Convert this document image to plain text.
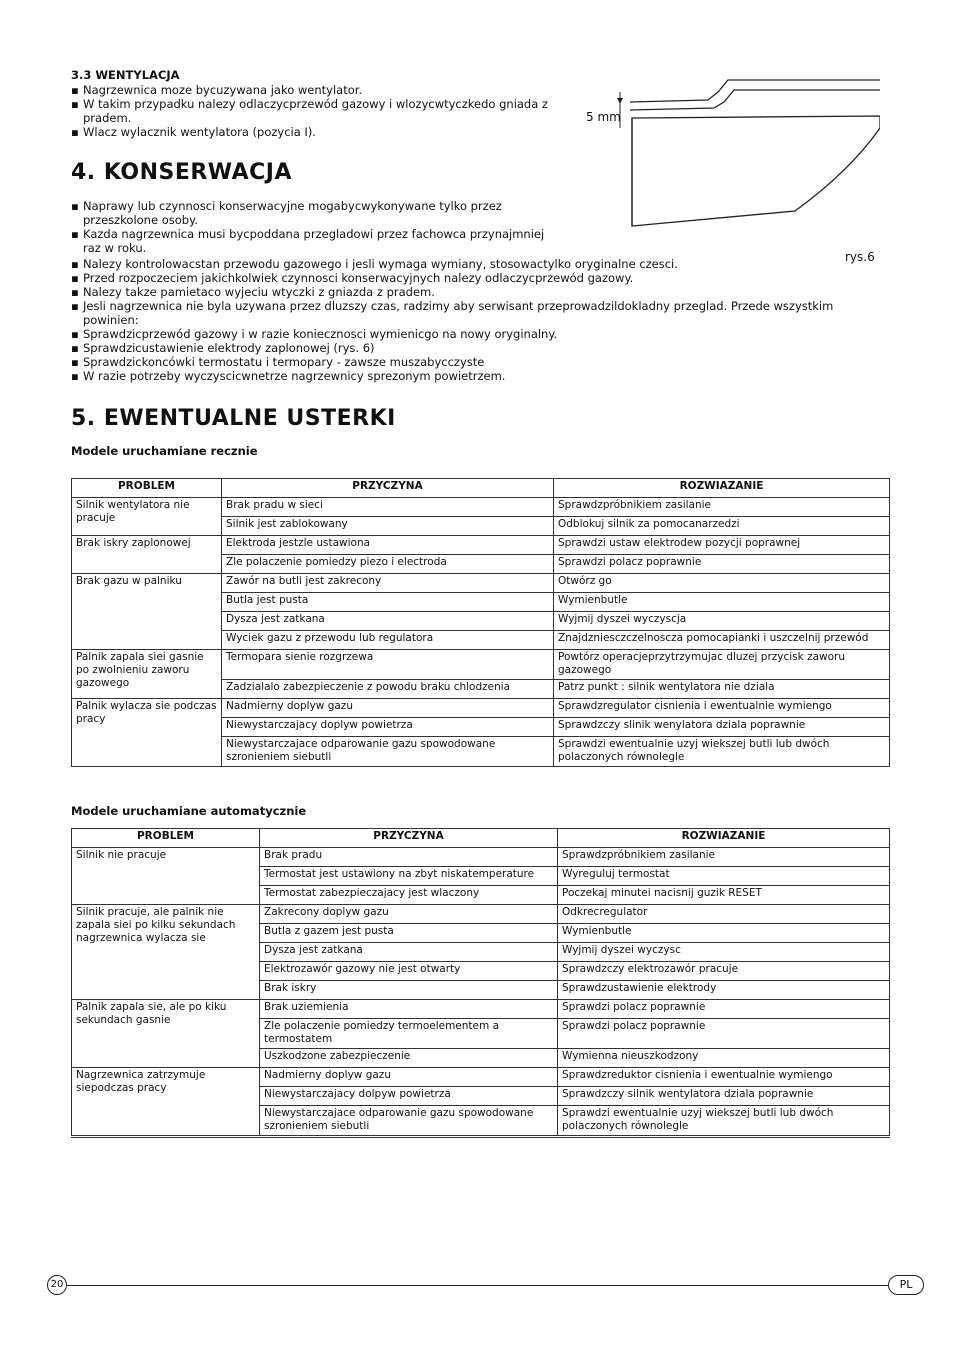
3.3 WENTYLACJA
▪ Nagrzewnica moze bycuzywana jako wentylator.
▪ W takim przypadku nalezy odlaczycprzewód gazowy i wlozycwtyczkedo gniada z pradem.
▪ Wlacz wylacznik wentylatora (pozycia I).
5 mm
rys.6
4. KONSERWACJA
▪ Naprawy lub czynnosci konserwacyjne mogabycwykonywane tylko przez przeszkolone osoby.
▪ Kazda nagrzewnica musi bycpoddana przegladowi przez fachowca przynajmniej raz w roku.
▪ Nalezy kontrolowacstan przewodu gazowego i jesli wymaga wymiany, stosowactylko oryginalne czesci.
▪ Przed rozpoczeciem jakichkolwiek czynnosci konserwacyjnych nalezy odlaczycprzewód gazowy.
▪ Nalezy takze pamietaco wyjeciu wtyczki z gniazda z pradem.
▪ Jesli nagrzewnica nie byla uzywana przez dluzszy czas, radzimy aby serwisant przeprowadzildokladny przeglad. Przede wszystkim powinien:
▪ Sprawdzicprzewód gazowy i w razie koniecznosci wymienicgo na nowy oryginalny.
▪ Sprawdzicustawienie elektrody zaplonowej (rys. 6)
▪ Sprawdzickoncówki termostatu i termopary - zawsze muszabycczyste
▪ W razie potrzeby wyczyscicwnetrze nagrzewnicy sprezonym powietrzem.
5. EWENTUALNE USTERKI
Modele uruchamiane recznie
PROBLEM	PRZYCZYNA	ROZWIAZANIE
Silnik wentylatora nie pracuje	Brak pradu w sieci	Sprawdzpróbnikiem zasilanie
	Silnik jest zablokowany	Odblokuj silnik za pomocanarzedzi
Brak iskry zaplonowej	Elektroda jestzle ustawiona	Sprawdzi ustaw elektrodew pozycji poprawnej
	Zle polaczenie pomiedzy piezo i electroda	Sprawdzi polacz poprawnie
Brak gazu w palniku	Zawór na butli jest zakrecony	Otwórz go
	Butla jest pusta	Wymienbutle
	Dysza jest zatkana	Wyjmij dyszei wyczyscja
	Wyciek gazu z przewodu lub regulatora	Znajdzniesczczelnoscza pomocapianki i uszczelnij przewód
Palnik zapala siei gasnie po zwolnieniu zaworu gazowego	Termopara sienie rozgrzewa	Powtórz operacjeprzytrzymujac dluzej przycisk zaworu gazowego
	Zadzialalo zabezpieczenie z powodu braku chlodzenia	Patrz punkt : silnik wentylatora nie dziala
Palnik wylacza sie podczas pracy	Nadmierny doplyw gazu	Sprawdzregulator cisnienia i ewentualnie wymiengo
	Niewystarczajacy doplyw powietrza	Sprawdzczy slinik wenylatora dziala poprawnie
	Niewystarczajace odparowanie gazu spowodowane szronieniem siebutli	Sprawdzi ewentualnie uzyj wiekszej butli lub dwóch polaczonych równolegle
Modele uruchamiane automatycznie
PROBLEM	PRZYCZYNA	ROZWIAZANIE
Silnik nie pracuje	Brak pradu	Sprawdzpróbnikiem zasilanie
	Termostat jest ustawiony na zbyt niskatemperature	Wyreguluj termostat
	Termostat zabezpieczajacy jest wlaczony	Poczekaj minutei nacisnij guzik RESET
Silnik pracuje, ale palnik nie zapala siei po kilku sekundach nagrzewnica wylacza sie	Zakrecony doplyw gazu	Odkrecregulator
	Butla z gazem jest pusta	Wymienbutle
	Dysza jest zatkana	Wyjmij dyszei wyczysc
	Elektrozawór gazowy nie jest otwarty	Sprawdzczy elektrozawór pracuje
	Brak iskry	Sprawdzustawienie elektrody
Palnik zapala sie, ale po kiku sekundach gasnie	Brak uziemienia	Sprawdzi polacz poprawnie
	Zle polaczenie pomiedzy termoelementem a termostatem	Sprawdzi polacz poprawnie
	Uszkodzone zabezpieczenie	Wymienna nieuszkodzony
Nagrzewnica zatrzymuje siepodczas pracy	Nadmierny doplyw gazu	Sprawdzreduktor cisnienia i ewentualnie wymiengo
	Niewystarczajacy dolpyw powietrza	Sprawdzczy silnik wentylatora dziala poprawnie
	Niewystarczajace odparowanie gazu spowodowane szronieniem siebutli	Sprawdzi ewentualnie uzyj wiekszej butli lub dwóch polaczonych równolegle
20	PL
